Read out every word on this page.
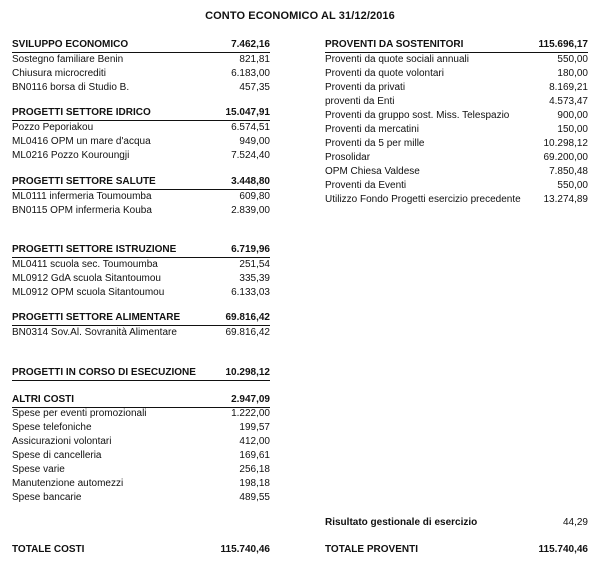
CONTO ECONOMICO AL 31/12/2016
SVILUPPO ECONOMICO	7.462,16
Sostegno familiare Benin	821,81
Chiusura microcrediti	6.183,00
BN0116 borsa di Studio B.	457,35
PROGETTI SETTORE IDRICO	15.047,91
Pozzo Peporiakou	6.574,51
ML0416 OPM un mare d'acqua	949,00
ML0216 Pozzo Kouroungji	7.524,40
PROGETTI SETTORE SALUTE	3.448,80
ML0111 infermeria Toumoumba	609,80
BN0115 OPM infermeria Kouba	2.839,00
PROGETTI SETTORE ISTRUZIONE	6.719,96
ML0411 scuola sec. Toumoumba	251,54
ML0912 GdA scuola Sitantoumou	335,39
ML0912 OPM scuola Sitantoumou	6.133,03
PROGETTI SETTORE ALIMENTARE	69.816,42
BN0314 Sov.Al. Sovranità Alimentare	69.816,42
PROGETTI IN CORSO DI ESECUZIONE	10.298,12
ALTRI COSTI	2.947,09
Spese per eventi promozionali	1.222,00
Spese telefoniche	199,57
Assicurazioni volontari	412,00
Spese di cancelleria	169,61
Spese varie	256,18
Manutenzione automezzi	198,18
Spese bancarie	489,55
TOTALE COSTI	115.740,46
PROVENTI DA SOSTENITORI	115.696,17
Proventi da quote sociali annuali	550,00
Proventi da quote volontari	180,00
Proventi da privati	8.169,21
proventi da Enti	4.573,47
Proventi da gruppo sost. Miss. Telespazio	900,00
Proventi da mercatini	150,00
Proventi da 5 per mille	10.298,12
Prosolidar	69.200,00
OPM Chiesa Valdese	7.850,48
Proventi da Eventi	550,00
Utilizzo Fondo Progetti esercizio precedente 13.274,89
Risultato gestionale di esercizio	44,29
TOTALE PROVENTI	115.740,46
